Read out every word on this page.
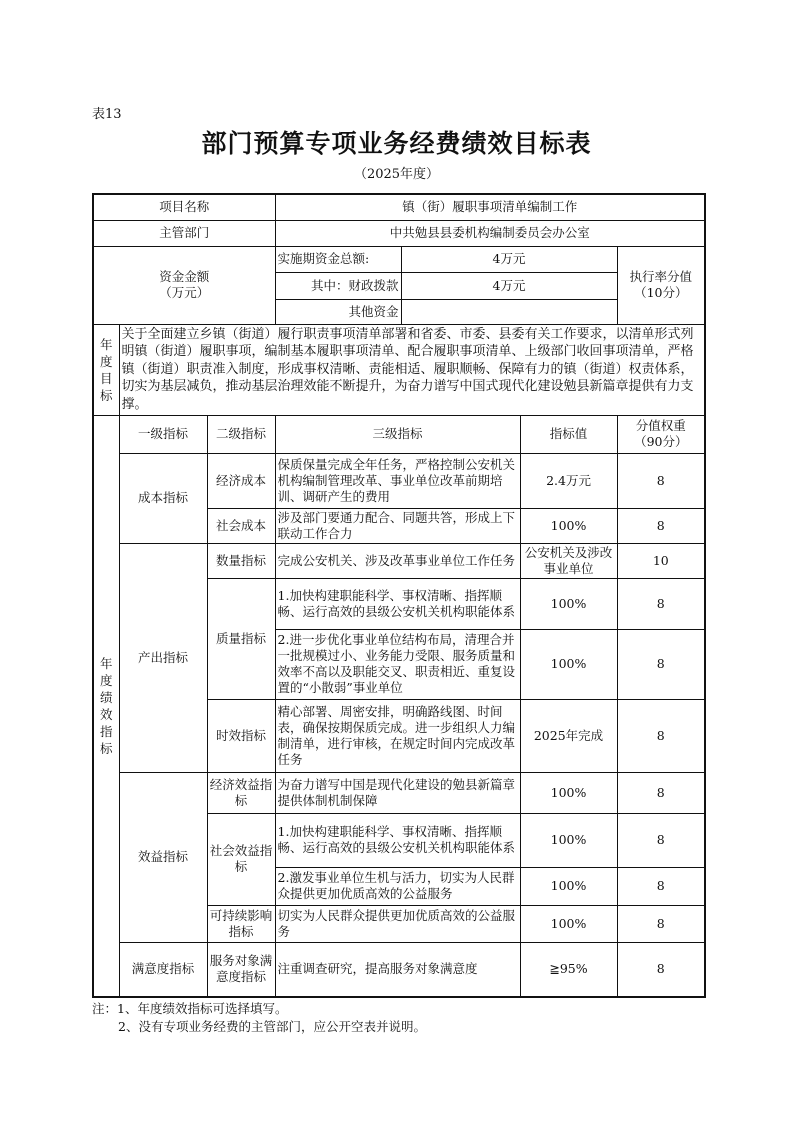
表13
部门预算专项业务经费绩效目标表
（2025年度）
项目名称	镇（街）履职事项清单编制工作
主管部门	中共勉县县委机构编制委员会办公室

资金金额
（万元）
	实施期资金总额:	4万元	
执行率分值
（10分）

其中：财政拨款	4万元
其他资金	
年
度
目
标	关于全面建立乡镇（街道）履行职责事项清单部署和省委、市委、县委有关工作要求，以清单形式列明镇（街道）履职事项，编制基本履职事项清单、配合履职事项清单、上级部门收回事项清单，严格镇（街道）职责准入制度，形成事权清晰、责能相适、履职顺畅、保障有力的镇（街道）权责体系，切实为基层减负，推动基层治理效能不断提升，为奋力谱写中国式现代化建设勉县新篇章提供有力支撑。
年
度
绩
效
指
标	一级指标	二级指标	三级指标	指标值	
分值权重
（90分）

成本指标	经济成本	保质保量完成全年任务，严格控制公安机关机构编制管理改革、事业单位改革前期培训、调研产生的费用	2.4万元	8
社会成本	涉及部门要通力配合、同题共答，形成上下联动工作合力	100%	8
产出指标	数量指标	完成公安机关、涉及改革事业单位工作任务	公安机关及涉改事业单位	10
质量指标	1.加快构建职能科学、事权清晰、指挥顺畅、运行高效的县级公安机关机构职能体系	100%	8
2.进一步优化事业单位结构布局，清理合并一批规模过小、业务能力受限、服务质量和效率不高以及职能交叉、职责相近、重复设置的“小散弱”事业单位	100%	8
时效指标	精心部署、周密安排，明确路线图、时间表，确保按期保质完成。进一步组织人力编制清单，进行审核，在规定时间内完成改革任务	2025年完成	8
效益指标	经济效益指标	为奋力谱写中国是现代化建设的勉县新篇章提供体制机制保障	100%	8
社会效益指标	1.加快构建职能科学、事权清晰、指挥顺畅、运行高效的县级公安机关机构职能体系	100%	8
2.激发事业单位生机与活力，切实为人民群众提供更加优质高效的公益服务	100%	8
可持续影响指标	切实为人民群众提供更加优质高效的公益服务	100%	8
满意度指标	服务对象满意度指标	注重调查研究，提高服务对象满意度	≧95%	8
注：1、年度绩效指标可选择填写。
2、没有专项业务经费的主管部门，应公开空表并说明。
